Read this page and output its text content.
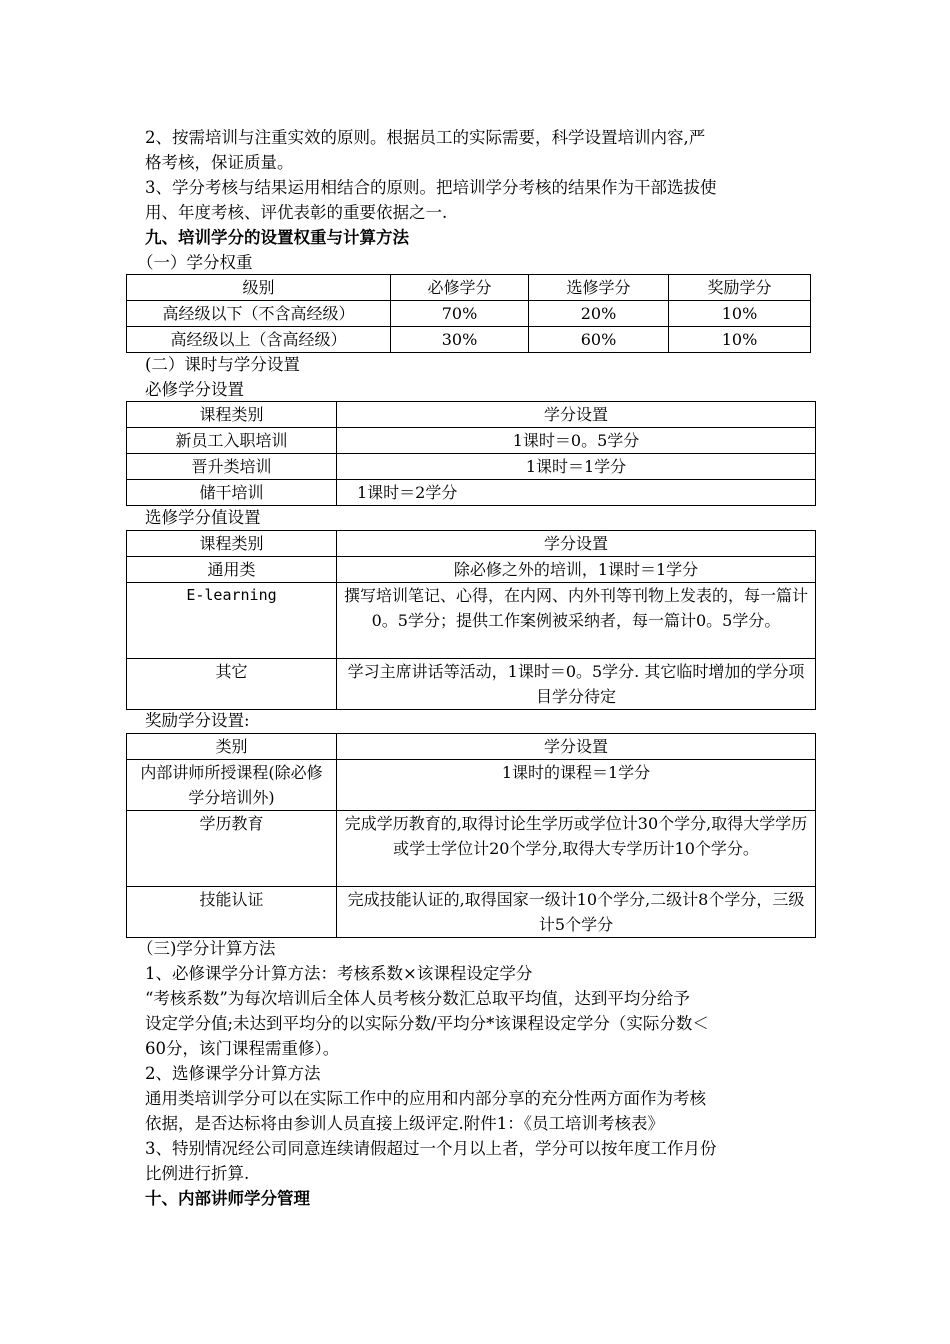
2、按需培训与注重实效的原则。根据员工的实际需要，科学设置培训内容,严
格考核，保证质量。
3、学分考核与结果运用相结合的原则。把培训学分考核的结果作为干部选拔使
用、年度考核、评优表彰的重要依据之一.
九、培训学分的设置权重与计算方法
（一）学分权重
级别	必修学分	选修学分	奖励学分
高经级以下（不含高经级）	70%	20%	10%
高经级以上（含高经级）	30%	60%	10%
(二）课时与学分设置
必修学分设置
课程类别	学分设置
新员工入职培训	1课时＝0。5学分
晋升类培训	1课时＝1学分
储干培训	1课时＝2学分
选修学分值设置
课程类别	学分设置
通用类	除必修之外的培训，1课时＝1学分
E-learning	撰写培训笔记、心得，在内网、内外刊等刊物上发表的，每一篇计0。5学分；提供工作案例被采纳者，每一篇计0。5学分。
其它	学习主席讲话等活动，1课时＝0。5学分. 其它临时增加的学分项目学分待定
奖励学分设置:
类别	学分设置
内部讲师所授课程(除必修学分培训外)	1课时的课程＝1学分
学历教育	完成学历教育的,取得讨论生学历或学位计30个学分,取得大学学历或学士学位计20个学分,取得大专学历计10个学分。
技能认证	完成技能认证的,取得国家一级计10个学分,二级计8个学分，三级计5个学分
（三)学分计算方法
1、必修课学分计算方法：考核系数×该课程设定学分
“考核系数”为每次培训后全体人员考核分数汇总取平均值，达到平均分给予
设定学分值;未达到平均分的以实际分数/平均分*该课程设定学分（实际分数＜
60分，该门课程需重修）。
2、选修课学分计算方法
通用类培训学分可以在实际工作中的应用和内部分享的充分性两方面作为考核
依据，是否达标将由参训人员直接上级评定.附件1：《员工培训考核表》
3、特别情况经公司同意连续请假超过一个月以上者，学分可以按年度工作月份
比例进行折算.
十、内部讲师学分管理
